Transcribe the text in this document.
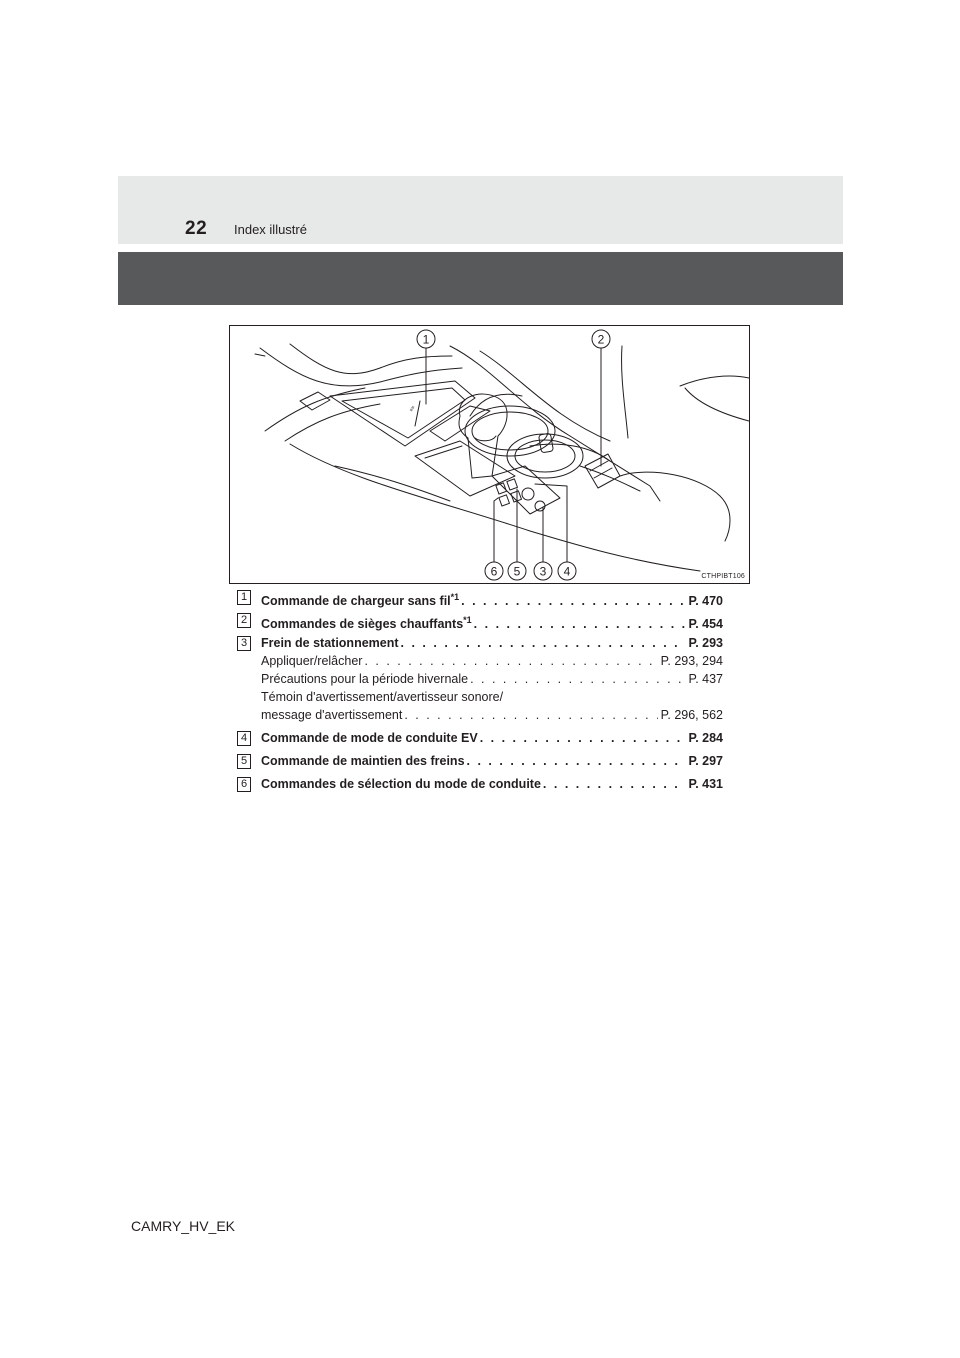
22 Index illustré
≡≡
1	2
6 5 3 4	CTHPIBT106
1	Commande de chargeur sans fil$^{*1}$ . . .	P. 470
2	Commandes de sièges chauffants$^{*1}$ . . .	P. 454
3	Frein de stationnement . . .	P. 293
Appliquer/relâcher . . .	P. 293, 294
Précautions pour la période hivernale . . .	P. 437
Témoin d'avertissement/avertisseur sonore/
message d'avertissement . . .	P. 296, 562
4	Commande de mode de conduite EV . . .	P. 284
5	Commande de maintien des freins . . .	P. 297
6	Commandes de sélection du mode de conduite . . .	P. 431
CAMRY_HV_EK
